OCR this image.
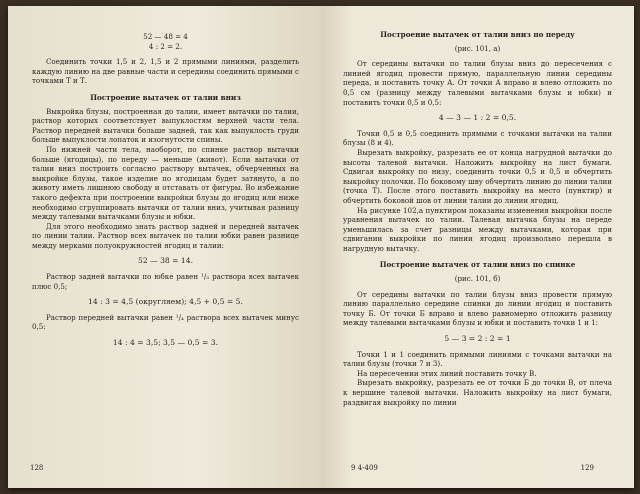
52 — 48 = 4

4 : 2 = 2.

Соединить точки 1,5 и 2, 1,5 и 2 прямыми линиями, разделить каждую линию на две равные части и середины соединить прямыми с точками Т и Т.

Построение вытачек от талии вниз

Выкройка блузы, построенная до талии, имеет вытачки по талии, раствор которых соответствует выпуклостям верхней части тела. Раствор передней вытачки больше задней, так как выпуклость груди больше выпуклости лопаток и изогнутости спины.

По нижней части тела, наоборот, по спинке раствор вытачки больше (ягодицы), по переду — меньше (живот). Если вытачки от талии вниз построить согласно раствору вытачек, обчерченных на выкройке блузы, такое изделие по ягодицам будет затянуто, а по животу иметь лишнюю свободу и отставать от фигуры. Во избежание такого дефекта при построении выкройки блузы до ягодиц или ниже необходимо сгруппировать вытачки от талии вниз, учитывая разницу между талевыми вытачками блузы и юбки.

Для этого необходимо знать раствор задней и передней вытачек по линии талии. Раствор всех вытачек по талии юбки равен разнице между мерками полуокружностей ягодиц и талии:

52 — 38 = 14.

Раствор задней вытачки по юбке равен ¹/₃ раствора всех вытачек плюс 0,5;

14 : 3 = 4,5 (округляем); 4,5 + 0,5 = 5.

Раствор передней вытачки равен ¹/₄ раствора всех вытачек минус 0,5:

14 : 4 = 3,5; 3,5 — 0,5 = 3.

128

Построение вытачек от талии вниз по переду

(рис. 101, а)

От середины вытачки по талии блузы вниз до пересечения с линией ягодиц провести прямую, параллельную линии середины переда, и поставить точку А. От точки А вправо и влево отложить по 0,5 см (разницу между талевыми вытачками блузы и юбки) и поставить точки 0,5 и 0,5:

4 — 3 — 1 : 2 = 0,5.

Точки 0,5 и 0,5 соединить прямыми с точками вытачки на талии блузы (8 и 4).

Вырезать выкройку, разрезать ее от конца нагрудной вытачки до высоты талевой вытачки. Наложить выкройку на лист бумаги. Сдвигая выкройку по низу, соединить точки 0,5 и 0,5 и обчертить выкройку полочки. По боковому шву обчертить линию до линии талии (точка Т). После этого поставить выкройку на место (пунктир) и обчертить боковой шов от линии талии до линии ягодиц.

На рисунке 102,а пунктиром показаны изменения выкройки после уравнения вытачек по талии. Талевая вытачка блузы на переде уменьшилась за счет разницы между вытачками, которая при сдвигании выкройки по линии ягодиц произвольно перешла в нагрудную вытачку.

Построение вытачек от талии вниз по спинке

(рис. 101, б)

От середины вытачки по талии блузы вниз провести прямую линию параллельно середине спинки до линии ягодиц и поставить точку Б. От точки Б вправо и влево равномерно отложить разницу между талевыми вытачками блузы и юбки и поставить точки 1 и 1:

5 — 3 = 2 : 2 = 1

Точки 1 и 1 соединить прямыми линиями с точками вытачки на талии блузы (точки 7 и 3).

На пересечении этих линий поставить точку В.

Вырезать выкройку, разрезать ее от точки Б до точки В, от плеча к вершине талевой вытачки. Наложить выкройку на лист бумаги, раздвигая выкройку по линии

9 4-409	129
